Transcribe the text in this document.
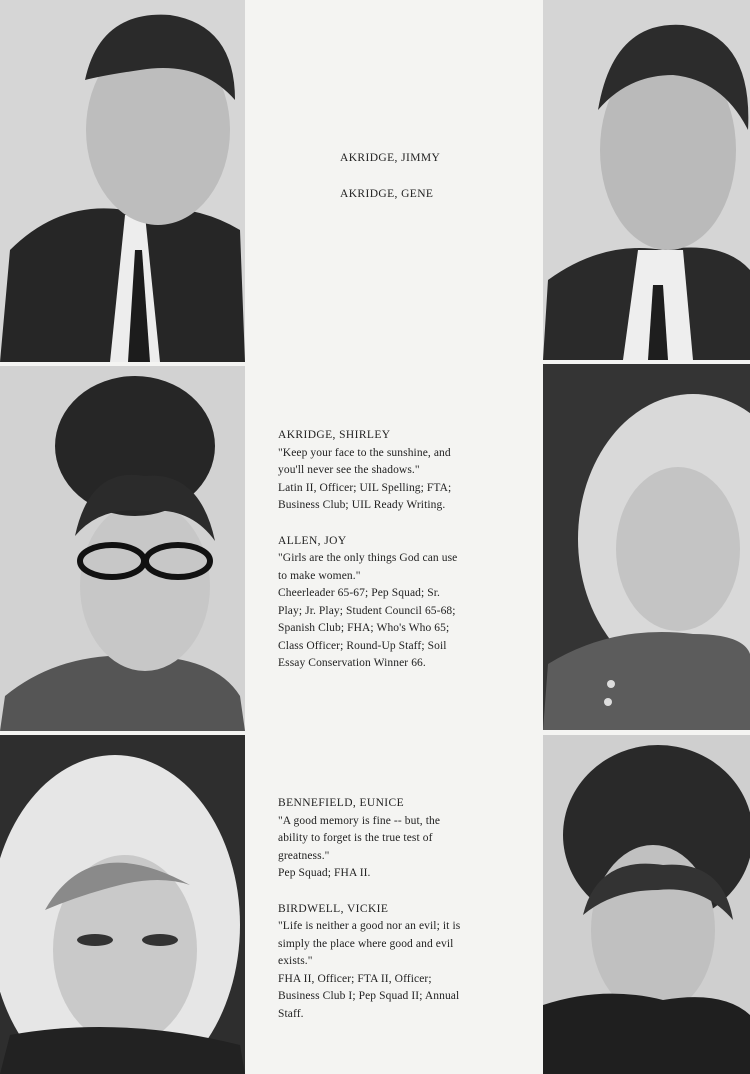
AKRIDGE, JIMMY
AKRIDGE, GENE
AKRIDGE, SHIRLEY
"Keep your face to the sunshine, and
you'll never see the shadows."
Latin II, Officer; UIL Spelling; FTA;
Business Club; UIL Ready Writing.
ALLEN, JOY
"Girls are the only things God can use
to make women."
Cheerleader 65-67; Pep Squad; Sr.
Play; Jr. Play; Student Council 65-68;
Spanish Club; FHA; Who's Who 65;
Class Officer; Round-Up Staff; Soil
Essay Conservation Winner 66.
BENNEFIELD, EUNICE
"A good memory is fine -- but, the
ability to forget is the true test of
greatness."
Pep Squad; FHA II.
BIRDWELL, VICKIE
"Life is neither a good nor an evil; it is
simply the place where good and evil
exists."
FHA II, Officer; FTA II, Officer;
Business Club I; Pep Squad II; Annual
Staff.
